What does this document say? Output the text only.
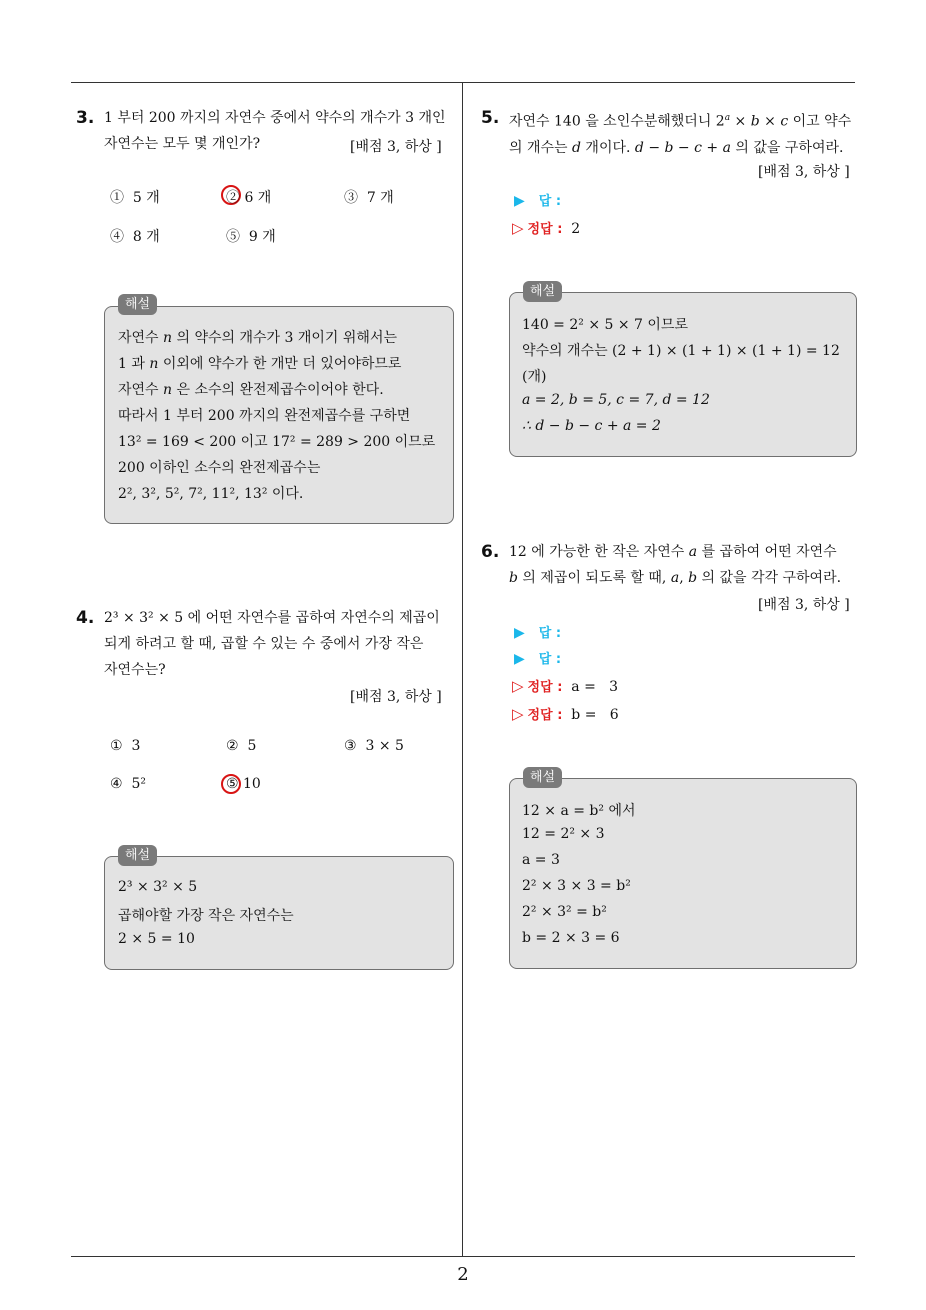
3. 1 부터 200 까지의 자연수 중에서 약수의 개수가 3 개인
자연수는 모두 몇 개인가?	[배점 3, 하상 ]
① 5 개	② 6 개	③ 7 개
④ 8 개	⑤ 9 개
해설
자연수 n 의 약수의 개수가 3 개이기 위해서는
1 과 n 이외에 약수가 한 개만 더 있어야하므로
자연수 n 은 소수의 완전제곱수이어야 한다.
따라서 1 부터 200 까지의 완전제곱수를 구하면
13² = 169 < 200 이고 17² = 289 > 200 이므로
200 이하인 소수의 완전제곱수는
2², 3², 5², 7², 11², 13² 이다.
4. 2³ × 3² × 5 에 어떤 자연수를 곱하여 자연수의 제곱이
되게 하려고 할 때, 곱할 수 있는 수 중에서 가장 작은
자연수는?
[배점 3, 하상 ]
① 3	② 5	③ 3 × 5
④ 5²	⑤ 10
해설
2³ × 3² × 5
곱해야할 가장 작은 자연수는
2 × 5 = 10
5. 자연수 140 을 소인수분해했더니 $2^a \times b \times c$ 이고 약수
의 개수는 d 개이다. d − b − c + a 의 값을 구하여라.
[배점 3, 하상 ]
▶ 답 :
▷ 정답 : 2
해설
140 = 2² × 5 × 7 이므로
약수의 개수는 (2 + 1) × (1 + 1) × (1 + 1) = 12
(개)
a = 2, b = 5, c = 7, d = 12
∴ d − b − c + a = 2
6. 12 에 가능한 한 작은 자연수 a 를 곱하여 어떤 자연수
b 의 제곱이 되도록 할 때, a, b 의 값을 각각 구하여라.
[배점 3, 하상 ]
▶ 답 :
▶ 답 :
▷ 정답 : a =   3
▷ 정답 : b =   6
해설
12 × a = b² 에서
12 = 2² × 3
a = 3
2² × 3 × 3 = b²
2² × 3² = b²
b = 2 × 3 = 6
2
